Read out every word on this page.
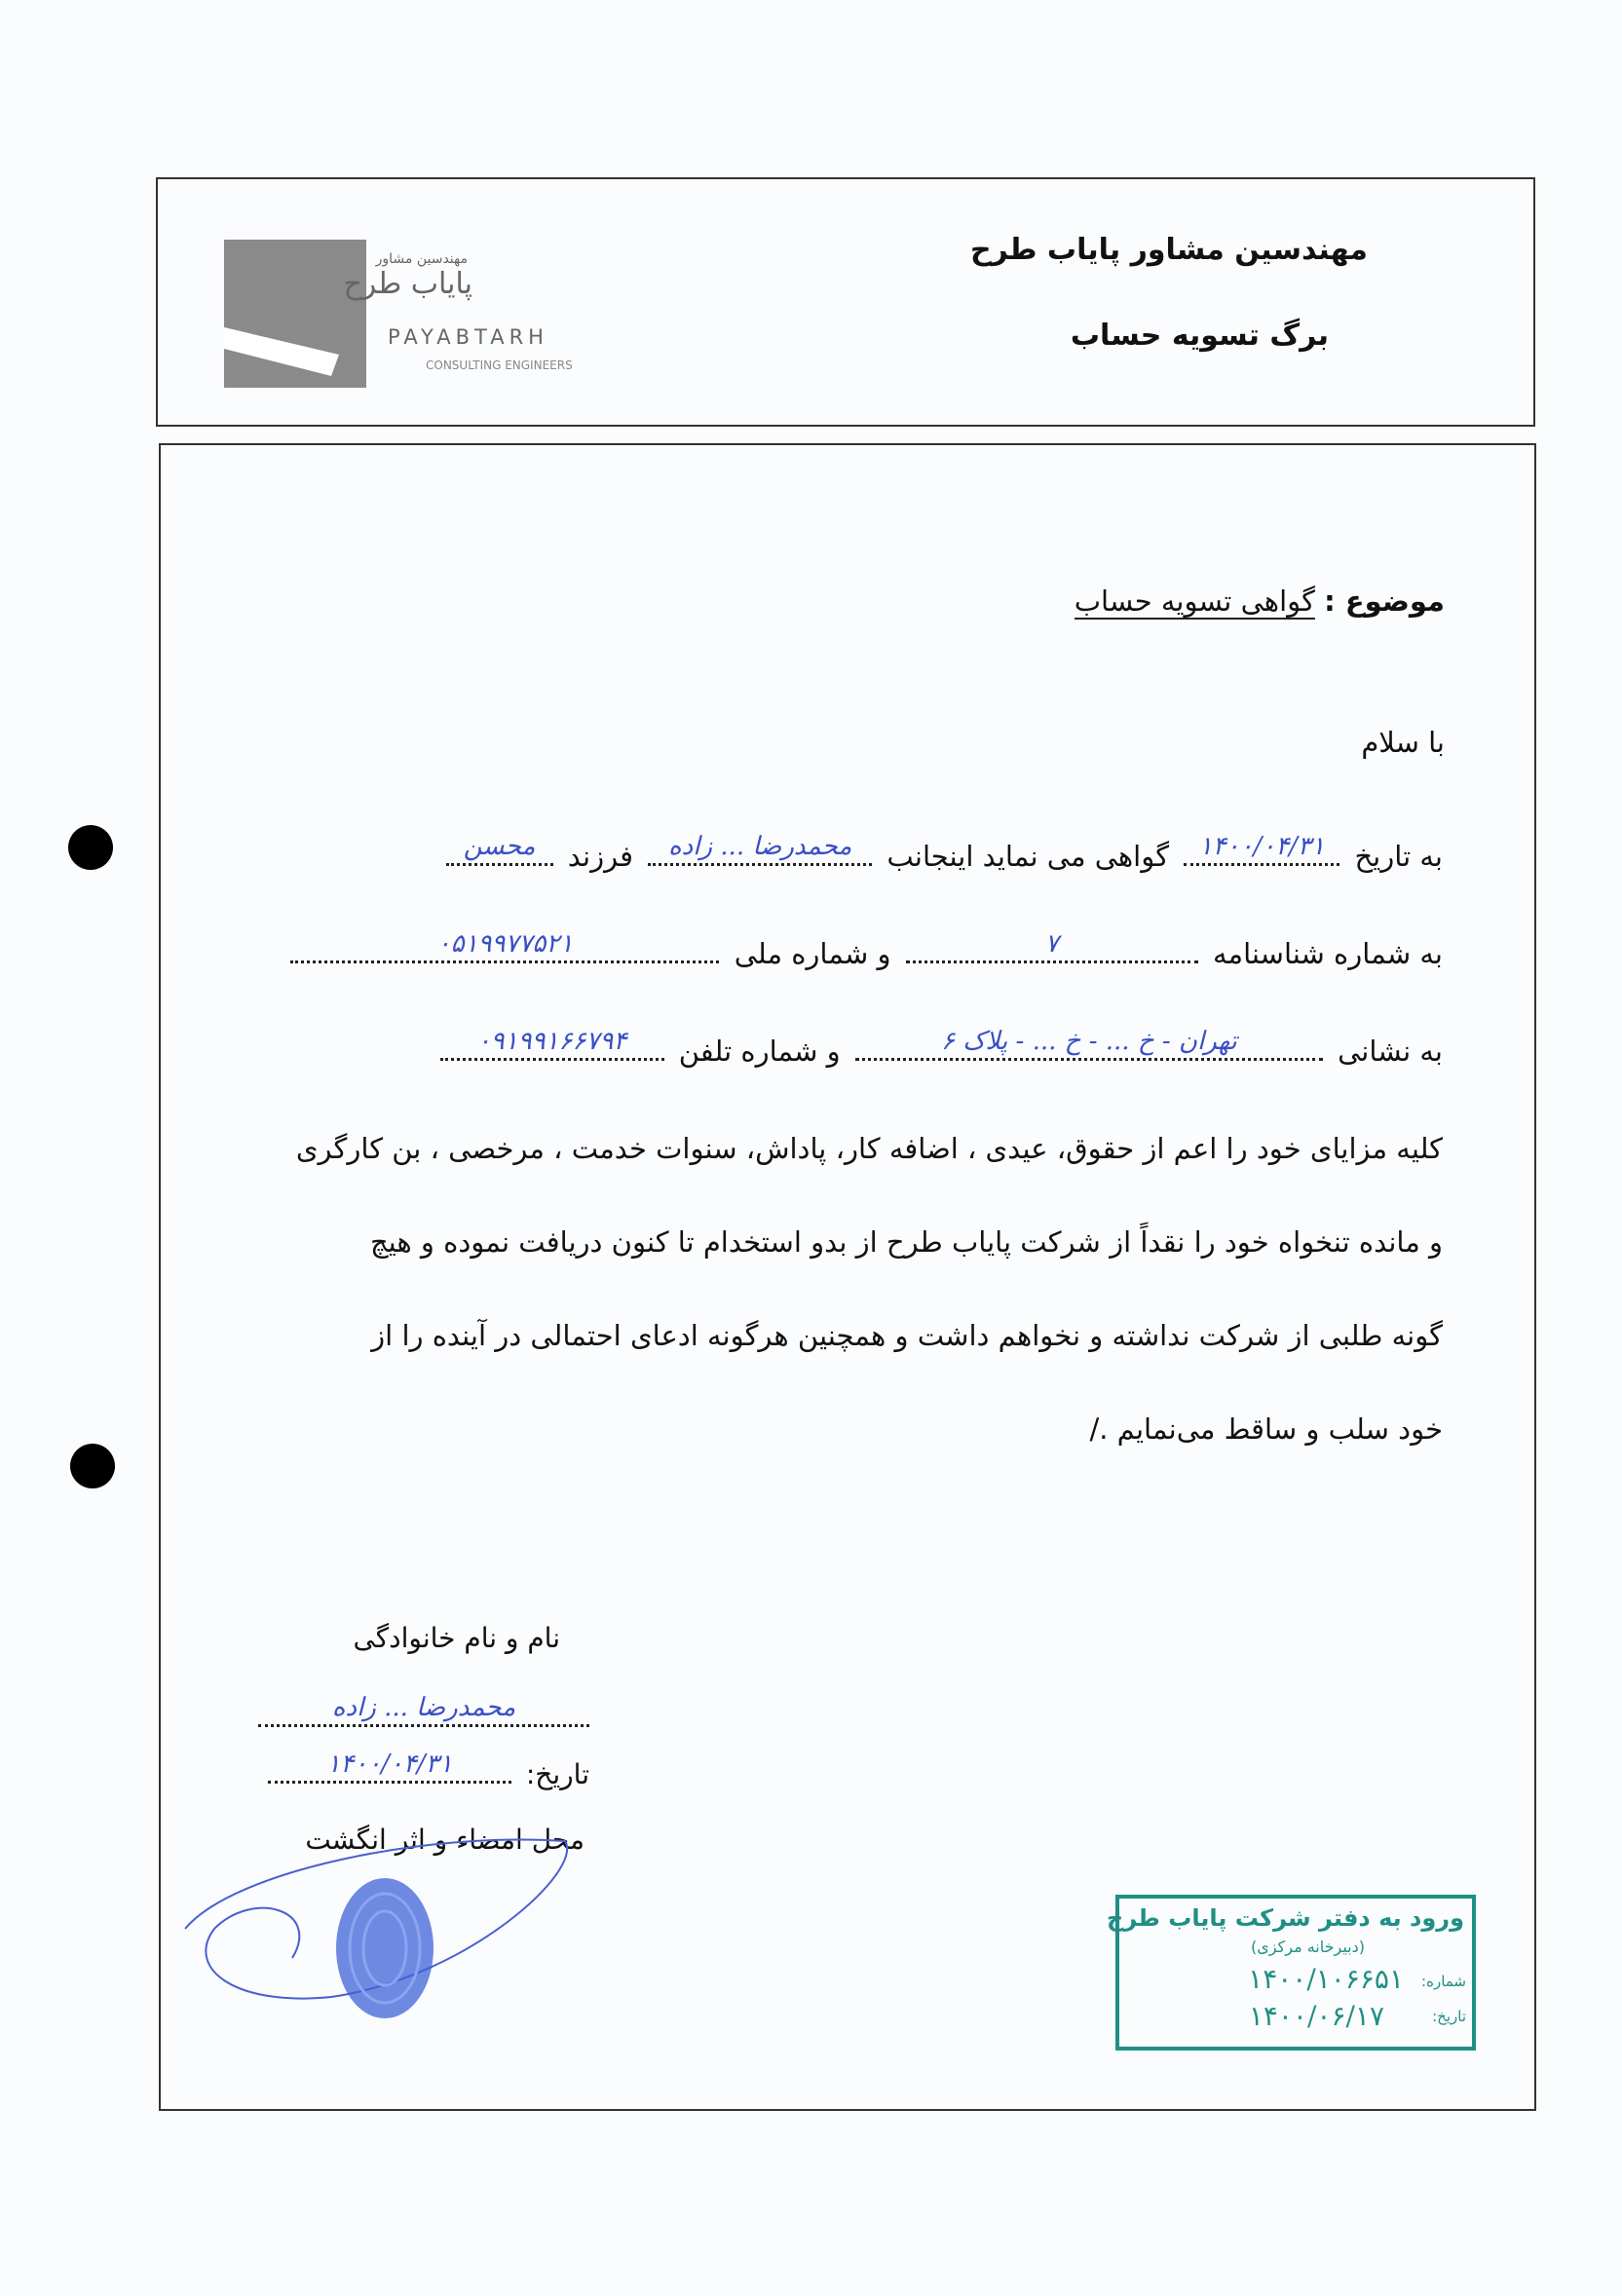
مهندسین مشاور پایاب طرح
برگ تسویه حساب
مهندسین مشاور
پایاب طرح
PAYABTARH
CONSULTING ENGINEERS
موضوع : گواهی تسویه حساب
با سلام
به تاریخ
۱۴۰۰/۰۴/۳۱
گواهی می نماید اینجانب
محمدرضا ... زاده
فرزند
محسن
به شماره شناسنامه
۷
و شماره ملی
۰۵۱۹۹۷۷۵۲۱
به نشانی
تهران - خ ... - خ ... - پلاک ۶
و شماره تلفن
۰۹۱۹۹۱۶۶۷۹۴
کلیه مزایای خود را اعم از حقوق، عیدی ، اضافه کار، پاداش، سنوات خدمت ، مرخصی ، بن کارگری
و مانده تنخواه خود را نقداً از شرکت پایاب طرح از بدو استخدام تا کنون دریافت نموده و هیچ
گونه طلبی از شرکت نداشته و نخواهم داشت و همچنین هرگونه ادعای احتمالی در آینده را از
خود سلب و ساقط می‌نمایم ./
نام و نام خانوادگی
محمدرضا ... زاده
تاریخ:
۱۴۰۰/۰۴/۳۱
محل امضاء و اثر انگشت
ورود به دفتر شرکت پایاب طرح
(دبیرخانه مرکزی)
شماره:
۱۴۰۰/۱۰۶۶۵۱
تاریخ:
۱۴۰۰/۰۶/۱۷
